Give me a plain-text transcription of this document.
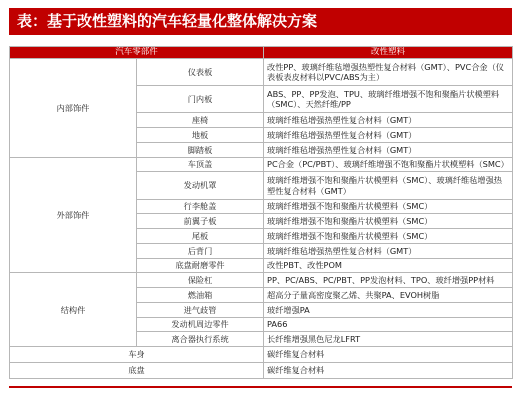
表：基于改性塑料的汽车轻量化整体解决方案
汽车零部件		改性塑料
内部饰件	仪表板	改性PP、玻璃纤维毡增强热塑性复合材料（GMT）、PVC合金（仪表板表皮材料以PVC/ABS为主）
	门内板	ABS、PP、PP发泡、TPU、玻璃纤维增强不饱和聚酯片状模塑料（SMC）、天然纤维/PP
	座椅	玻璃纤维毡增强热塑性复合材料（GMT）
	地板	玻璃纤维毡增强热塑性复合材料（GMT）
	脚踏板	玻璃纤维毡增强热塑性复合材料（GMT）
外部饰件	车顶盖	PC合金（PC/PBT）、玻璃纤维增强不饱和聚酯片状模塑料（SMC）
	发动机罩	玻璃纤维增强不饱和聚酯片状模塑料（SMC）、玻璃纤维毡增强热塑性复合材料（GMT）
	行李舱盖	玻璃纤维增强不饱和聚酯片状模塑料（SMC）
	前翼子板	玻璃纤维增强不饱和聚酯片状模塑料（SMC）
	尾板	玻璃纤维增强不饱和聚酯片状模塑料（SMC）
	后背门	玻璃纤维毡增强热塑性复合材料（GMT）
	底盘耐磨零件	改性PBT、改性POM
结构件	保险杠	PP、PC/ABS、PC/PBT、PP发泡材料、TPO、玻纤增强PP材料
	燃油箱	超高分子量高密度聚乙烯、共聚PA、EVOH树脂
	进气歧管	玻纤增强PA
	发动机周边零件	PA66
	离合器执行系统	长纤维增强黑色尼龙LFRT
车身		碳纤维复合材料
底盘		碳纤维复合材料
